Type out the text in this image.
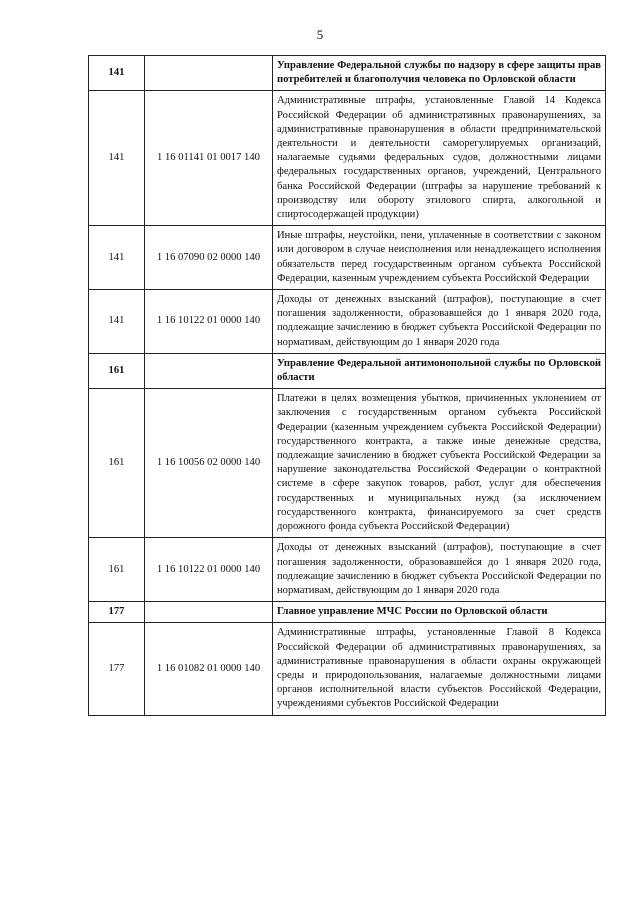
5
141		Управление Федеральной службы по надзору в сфере защиты прав потребителей и благополучия человека по Орловской области
141	1 16 01141 01 0017 140	Административные штрафы, установленные Главой 14 Кодекса Российской Федерации об административных правонарушениях, за административные правонарушения в области предпринимательской деятельности и деятельности саморегулируемых организаций, налагаемые судьями федеральных судов, должностными лицами федеральных государственных органов, учреждений, Центрального банка Российской Федерации (штрафы за нарушение требований к производству или обороту этилового спирта, алкогольной и спиртосодержащей продукции)
141	1 16 07090 02 0000 140	Иные штрафы, неустойки, пени, уплаченные в соответствии с законом или договором в случае неисполнения или ненадлежащего исполнения обязательств перед государственным органом субъекта Российской Федерации, казенным учреждением субъекта Российской Федерации
141	1 16 10122 01 0000 140	Доходы от денежных взысканий (штрафов), поступающие в счет погашения задолженности, образовавшейся до 1 января 2020 года, подлежащие зачислению в бюджет субъекта Российской Федерации по нормативам, действующим до 1 января 2020 года
161		Управление Федеральной антимонопольной службы по Орловской области
161	1 16 10056 02 0000 140	Платежи в целях возмещения убытков, причиненных уклонением от заключения с государственным органом субъекта Российской Федерации (казенным учреждением субъекта Российской Федерации) государственного контракта, а также иные денежные средства, подлежащие зачислению в бюджет субъекта Российской Федерации за нарушение законодательства Российской Федерации о контрактной системе в сфере закупок товаров, работ, услуг для обеспечения государственных и муниципальных нужд (за исключением государственного контракта, финансируемого за счет средств дорожного фонда субъекта Российской Федерации)
161	1 16 10122 01 0000 140	Доходы от денежных взысканий (штрафов), поступающие в счет погашения задолженности, образовавшейся до 1 января 2020 года, подлежащие зачислению в бюджет субъекта Российской Федерации по нормативам, действующим до 1 января 2020 года
177		Главное управление МЧС России по Орловской области
177	1 16 01082 01 0000 140	Административные штрафы, установленные Главой 8 Кодекса Российской Федерации об административных правонарушениях, за административные правонарушения в области охраны окружающей среды и природопользования, налагаемые должностными лицами органов исполнительной власти субъектов Российской Федерации, учреждениями субъектов Российской Федерации
